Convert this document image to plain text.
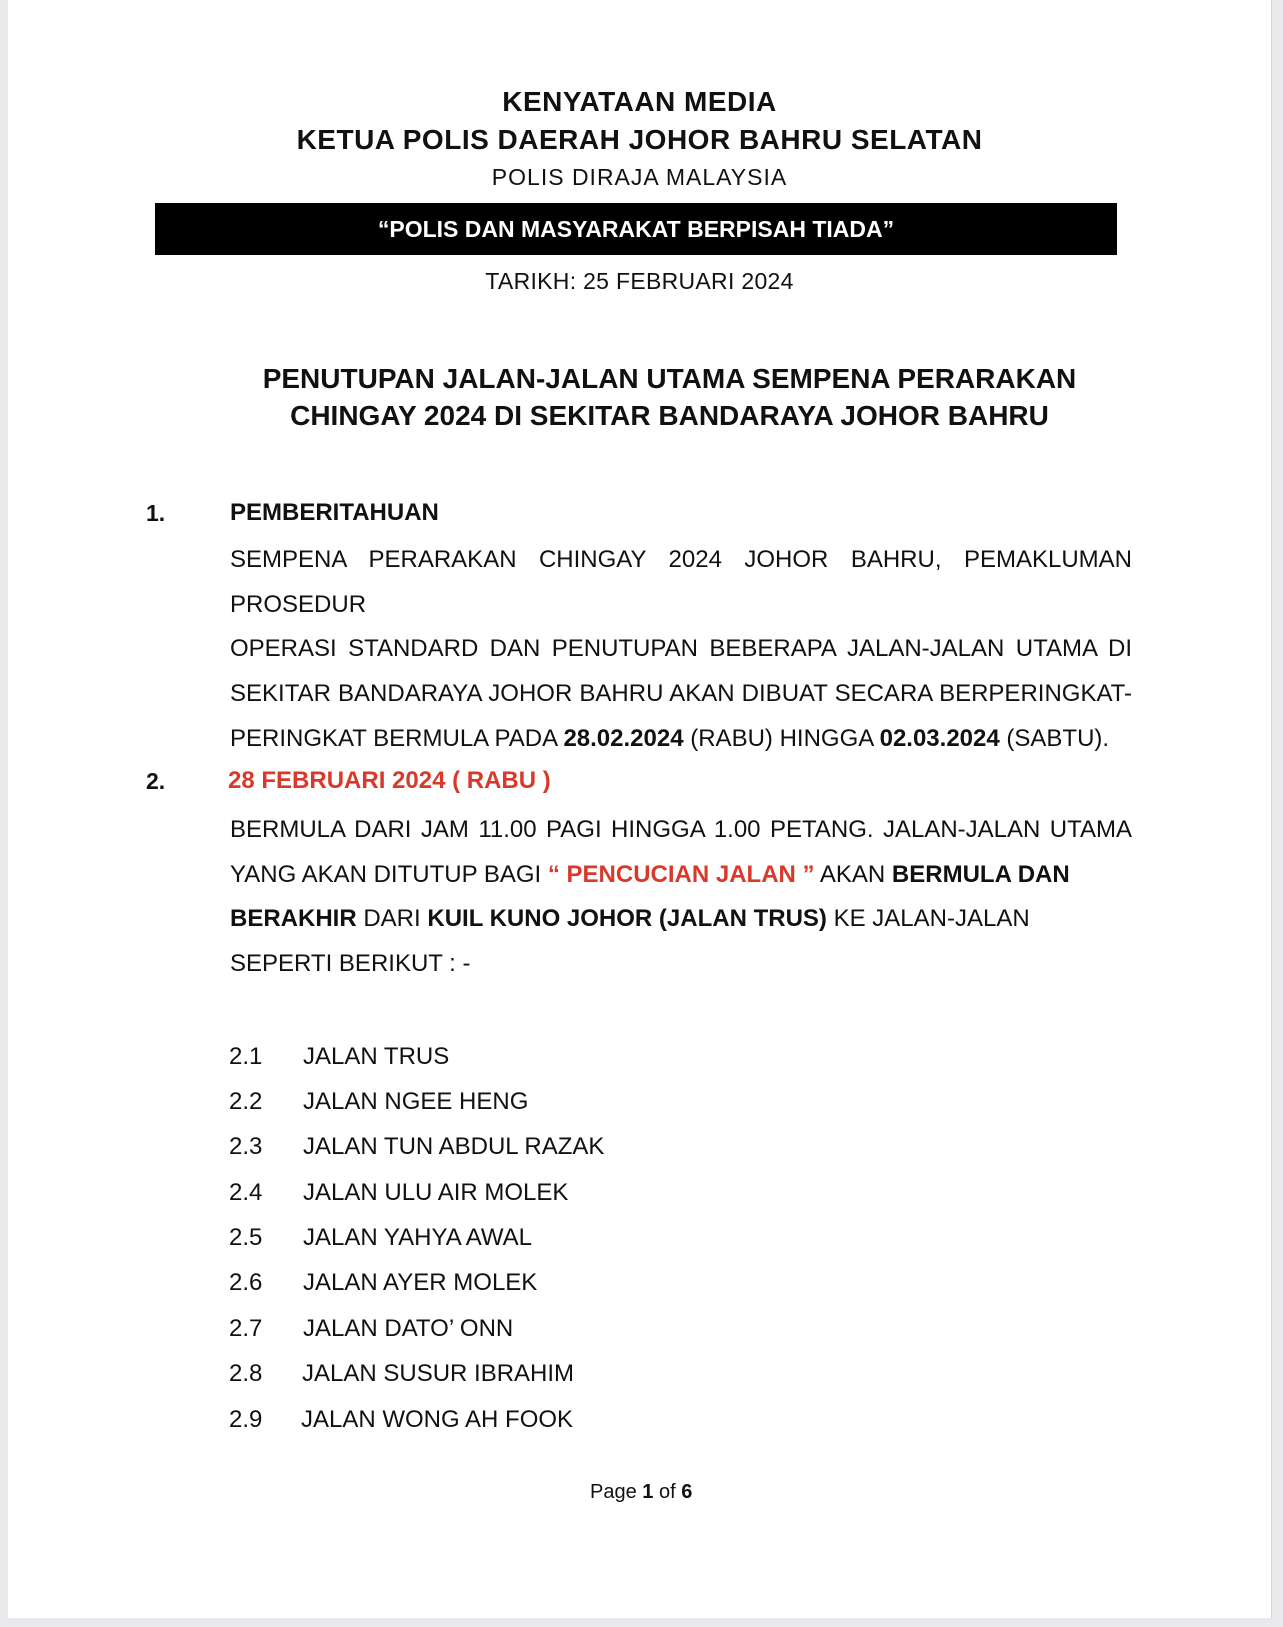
KENYATAAN MEDIA
KETUA POLIS DAERAH JOHOR BAHRU SELATAN
POLIS DIRAJA MALAYSIA
“POLIS DAN MASYARAKAT BERPISAH TIADA”
TARIKH: 25 FEBRUARI 2024
PENUTUPAN JALAN-JALAN UTAMA SEMPENA PERARAKAN
CHINGAY 2024 DI SEKITAR BANDARAYA JOHOR BAHRU
1.	PEMBERITAHUAN
SEMPENA PERARAKAN CHINGAY 2024 JOHOR BAHRU, PEMAKLUMAN PROSEDUR
OPERASI STANDARD DAN PENUTUPAN BEBERAPA JALAN-JALAN UTAMA DI
SEKITAR BANDARAYA JOHOR BAHRU AKAN DIBUAT SECARA BERPERINGKAT-
PERINGKAT BERMULA PADA 28.02.2024 (RABU) HINGGA 02.03.2024 (SABTU).
2.	28 FEBRUARI 2024 ( RABU )
BERMULA DARI JAM 11.00 PAGI HINGGA 1.00 PETANG. JALAN-JALAN UTAMA
YANG AKAN DITUTUP BAGI “ PENCUCIAN JALAN ” AKAN BERMULA DAN
BERAKHIR DARI KUIL KUNO JOHOR (JALAN TRUS) KE JALAN-JALAN
SEPERTI BERIKUT : -
2.1	JALAN TRUS
2.2	JALAN NGEE HENG
2.3	JALAN TUN ABDUL RAZAK
2.4	JALAN ULU AIR MOLEK
2.5	JALAN YAHYA AWAL
2.6	JALAN AYER MOLEK
2.7	JALAN DATO’ ONN
2.8	JALAN SUSUR IBRAHIM
2.9	JALAN WONG AH FOOK
Page 1 of 6
